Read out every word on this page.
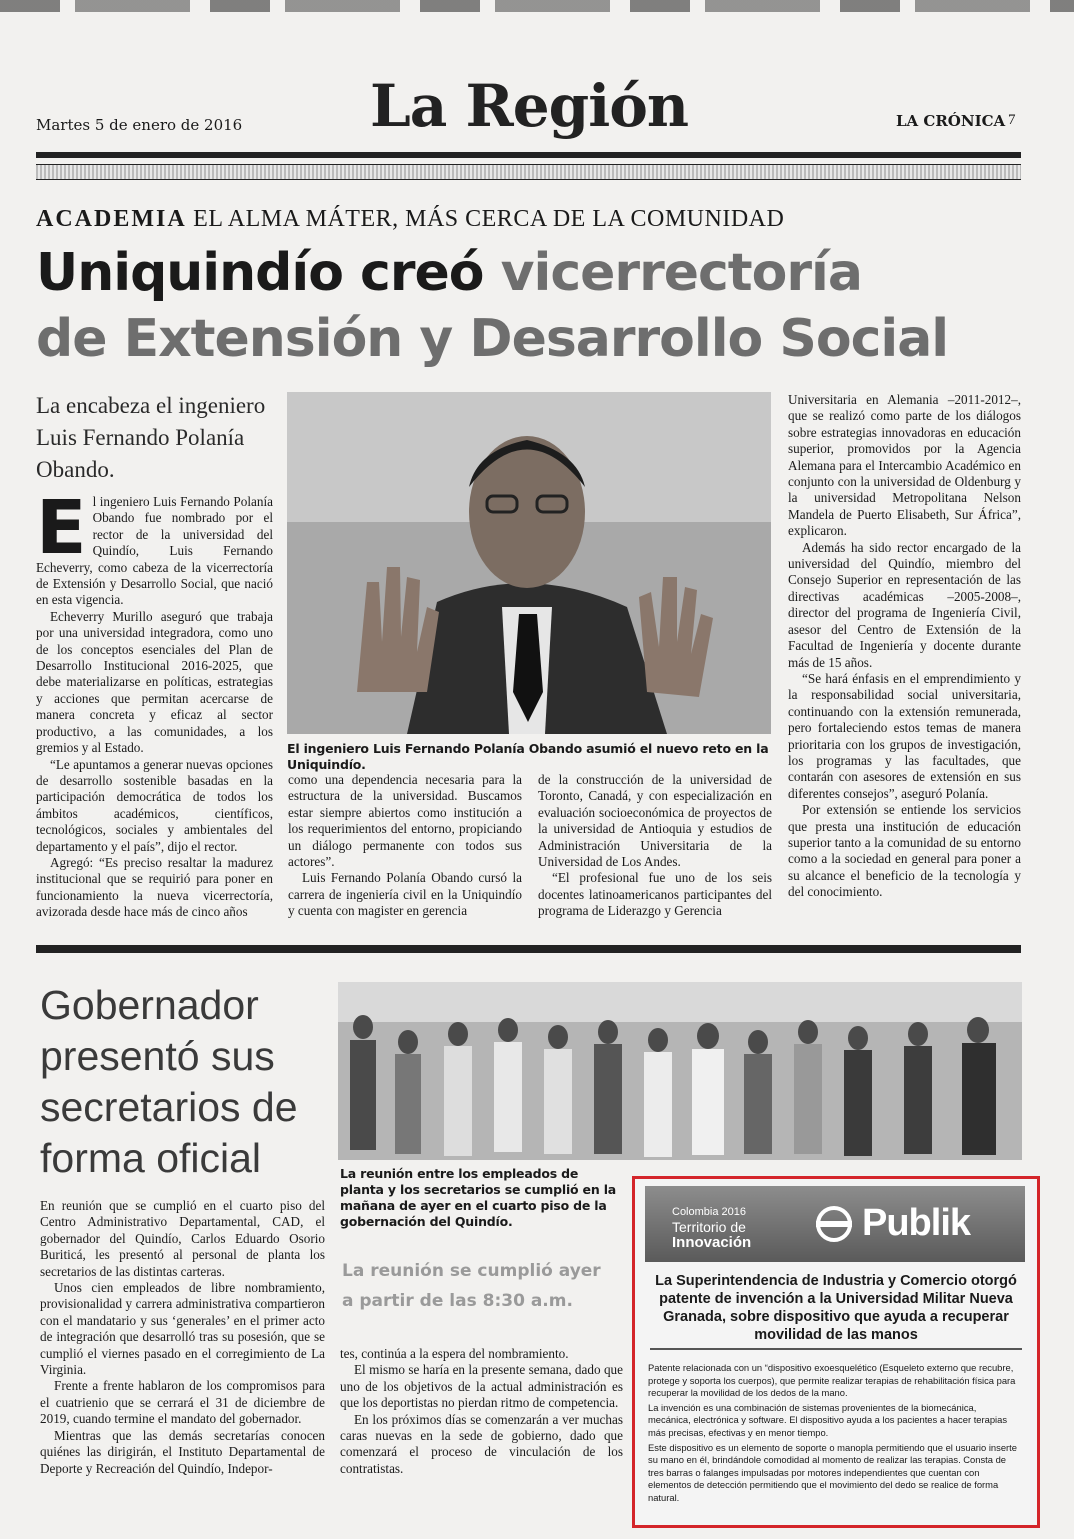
Martes 5 de enero de 2016 La Región	LA CRÓNICA 7
ACADEMIA EL ALMA MÁTER, MÁS CERCA DE LA COMUNIDAD
Uniquindío creó vicerrectoría
de Extensión y Desarrollo Social
La encabeza el ingeniero Luis Fernando Polanía Obando.

El ingeniero Luis Fernando Polanía Obando fue nombrado por el rector de la universidad del Quindío, Luis Fernando Echeverry, como cabeza de la vicerrectoría de Extensión y Desarrollo Social, que nació en esta vigencia.

Echeverry Murillo aseguró que trabaja por una universidad integradora, como uno de los conceptos esenciales del Plan de Desarrollo Institucional 2016-2025, que debe materializarse en políticas, estrategias y acciones que permitan acercarse de manera concreta y eficaz al sector productivo, a las comunidades, a los gremios y al Estado.

“Le apuntamos a generar nuevas opciones de desarrollo sostenible basadas en la participación democrática de todos los ámbitos académicos, científicos, tecnológicos, sociales y ambientales del departamento y el país”, dijo el rector.

Agregó: “Es preciso resaltar la madurez institucional que se requirió para poner en funcionamiento la nueva vicerrectoría, avizorada desde hace más de cinco años

El ingeniero Luis Fernando Polanía Obando asumió el nuevo reto en la Uniquindío.

como una dependencia necesaria para la estructura de la universidad. Buscamos estar siempre abiertos como institución a los requerimientos del entorno, propiciando un diálogo permanente con todos sus actores”.

Luis Fernando Polanía Obando cursó la carrera de ingeniería civil en la Uniquindío y cuenta con magister en gerencia

de la construcción de la universidad de Toronto, Canadá, y con especialización en evaluación socioeconómica de proyectos de la universidad de Antioquia y estudios de Administración Universitaria de la Universidad de Los Andes.

“El profesional fue uno de los seis docentes latinoamericanos participantes del programa de Liderazgo y Gerencia

Universitaria en Alemania –2011-2012–, que se realizó como parte de los diálogos sobre estrategias innovadoras en educación superior, promovidos por la Agencia Alemana para el Intercambio Académico en conjunto con la universidad de Oldenburg y la universidad Metropolitana Nelson Mandela de Puerto Elisabeth, Sur África”, explicaron.

Además ha sido rector encargado de la universidad del Quindío, miembro del Consejo Superior en representación de las directivas académicas –2005-2008–, director del programa de Ingeniería Civil, asesor del Centro de Extensión de la Facultad de Ingeniería y docente durante más de 15 años.

“Se hará énfasis en el emprendimiento y la responsabilidad social universitaria, continuando con la extensión remunerada, pero fortaleciendo estos temas de manera prioritaria con los grupos de investigación, los programas y las facultades, que contarán con asesores de extensión en sus diferentes consejos”, aseguró Polanía.

Por extensión se entiende los servicios que presta una institución de educación superior tanto a la comunidad de su entorno como a la sociedad en general para poner a su alcance el beneficio de la tecnología y del conocimiento.

Gobernador presentó sus secretarios de forma oficial	La reunión entre los empleados de planta y los secretarios se cumplió en la mañana de ayer en el cuarto piso de la gobernación del Quindío.
La reunión se cumplió ayer a partir de las 8:30 a.m.

En reunión que se cumplió en el cuarto piso del Centro Administrativo Departamental, CAD, el gobernador del Quindío, Carlos Eduardo Osorio Buriticá, les presentó al personal de planta los secretarios de las distintas carteras.

Unos cien empleados de libre nombramiento, provisionalidad y carrera administrativa compartieron con el mandatario y sus ‘generales’ en el primer acto de integración que desarrolló tras su posesión, que se cumplió el viernes pasado en el corregimiento de La Virginia.

Frente a frente hablaron de los compromisos para el cuatrienio que se cerrará el 31 de diciembre de 2019, cuando termine el mandato del gobernador.

Mientras que las demás secretarías conocen quiénes las dirigirán, el Instituto Departamental de Deporte y Recreación del Quindío, Indepor-

tes, continúa a la espera del nombramiento.

El mismo se haría en la presente semana, dado que uno de los objetivos de la actual administración es que los deportistas no pierdan ritmo de competencia.

En los próximos días se comenzarán a ver muchas caras nuevas en la sede de gobierno, dado que comenzará el proceso de vinculación de los contratistas.

Colombia 2016
Territorio de
Innovación	Publik
La Superintendencia de Industria y Comercio otorgó patente de invención a la Universidad Militar Nueva Granada, sobre dispositivo que ayuda a recuperar movilidad de las manos

Patente relacionada con un “dispositivo exoesquelético (Esqueleto externo que recubre, protege y soporta los cuerpos), que permite realizar terapias de rehabilitación física para recuperar la movilidad de los dedos de la mano.

La invención es una combinación de sistemas provenientes de la biomecánica, mecánica, electrónica y software. El dispositivo ayuda a los pacientes a hacer terapias más precisas, efectivas y en menor tiempo.

Este dispositivo es un elemento de soporte o manopla permitiendo que el usuario inserte su mano en él, brindándole comodidad al momento de realizar las terapias. Consta de tres barras o falanges impulsadas por motores independientes que cuentan con elementos de detección permitiendo que el movimiento del dedo se realice de forma natural.
